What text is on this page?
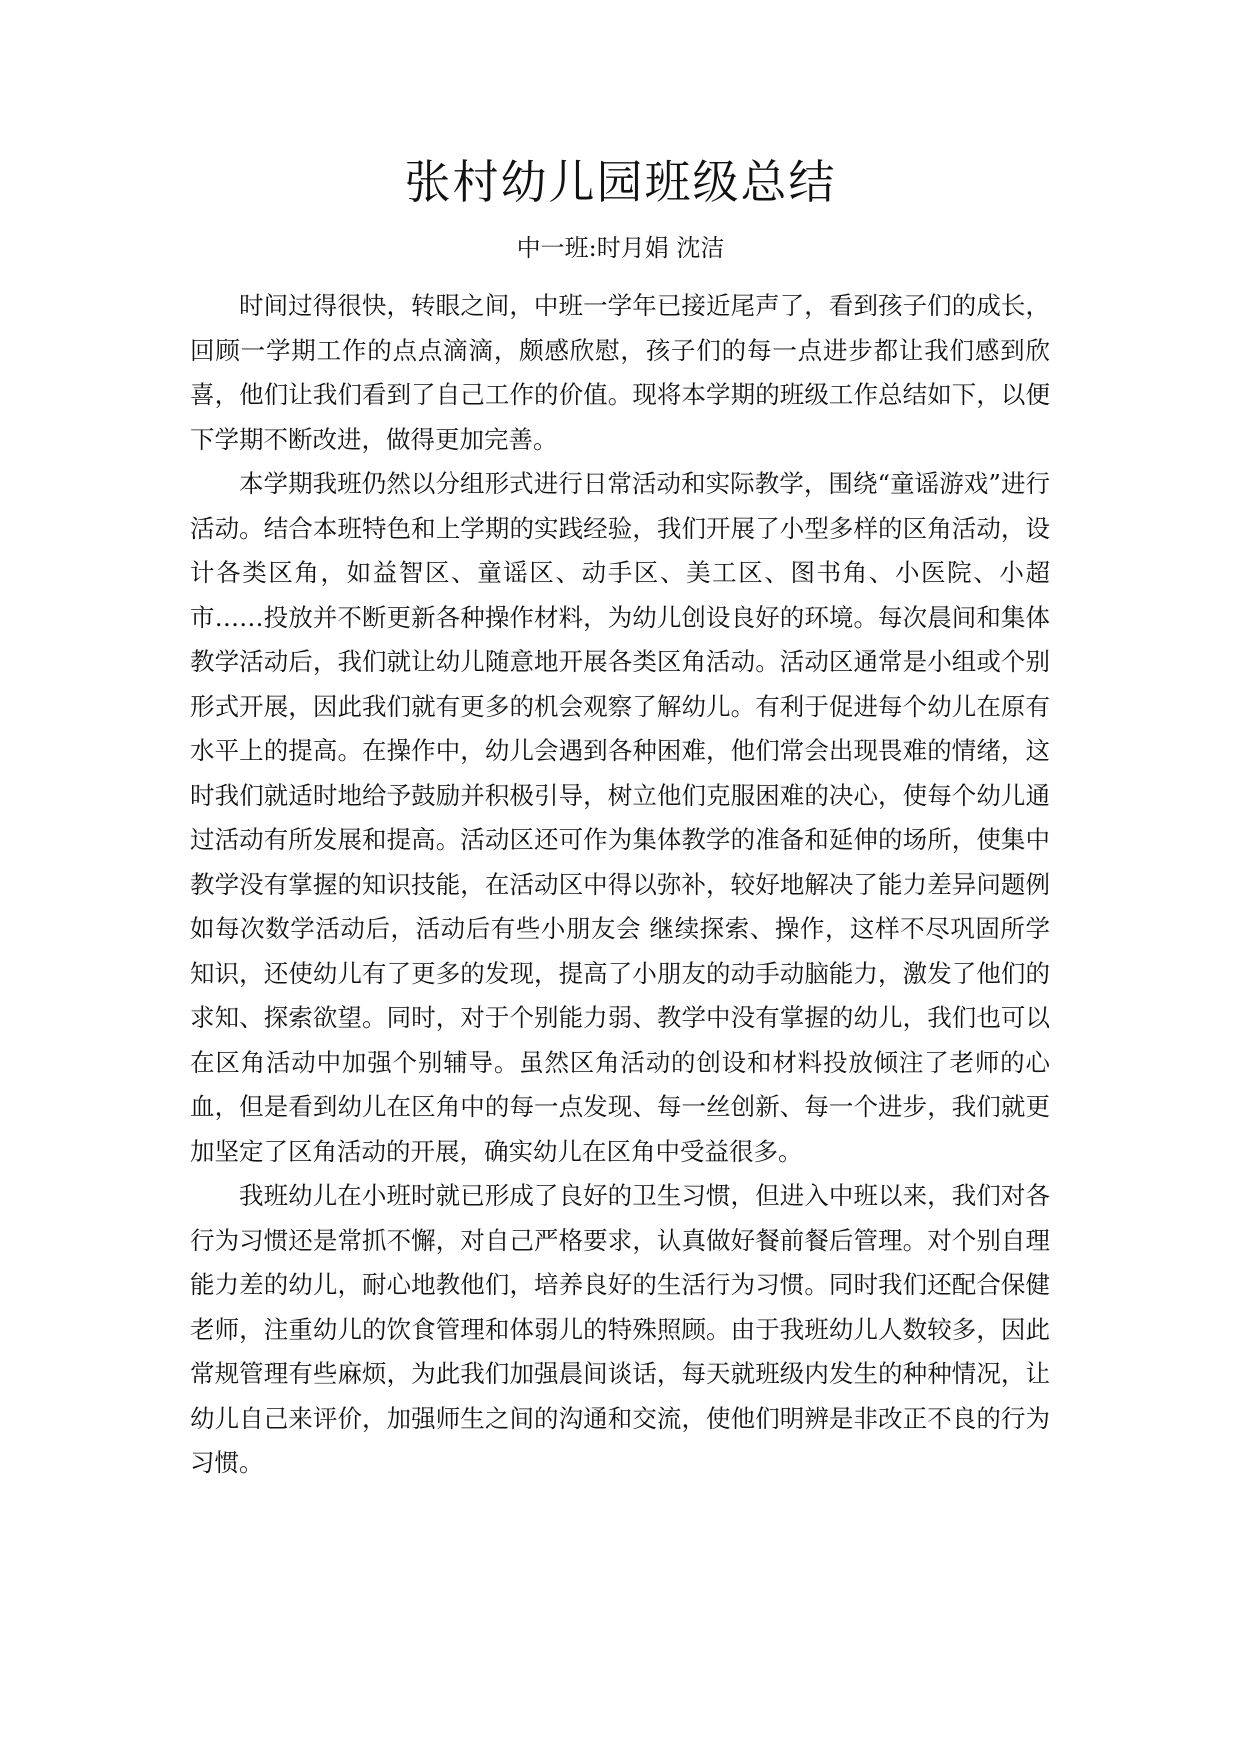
张村幼儿园班级总结
中一班:时月娟 沈洁

时间过得很快，转眼之间，中班一学年已接近尾声了，看到孩子们的成长，回顾一学期工作的点点滴滴，颇感欣慰，孩子们的每一点进步都让我们感到欣喜，他们让我们看到了自己工作的价值。现将本学期的班级工作总结如下，以便下学期不断改进，做得更加完善。

本学期我班仍然以分组形式进行日常活动和实际教学，围绕“童谣游戏”进行活动。结合本班特色和上学期的实践经验，我们开展了小型多样的区角活动，设计各类区角，如益智区、童谣区、动手区、美工区、图书角、小医院、小超市……投放并不断更新各种操作材料，为幼儿创设良好的环境。每次晨间和集体教学活动后，我们就让幼儿随意地开展各类区角活动。活动区通常是小组或个别形式开展，因此我们就有更多的机会观察了解幼儿。有利于促进每个幼儿在原有水平上的提高。在操作中，幼儿会遇到各种困难，他们常会出现畏难的情绪，这时我们就适时地给予鼓励并积极引导，树立他们克服困难的决心，使每个幼儿通过活动有所发展和提高。活动区还可作为集体教学的准备和延伸的场所，使集中教学没有掌握的知识技能，在活动区中得以弥补，较好地解决了能力差异问题例如每次数学活动后，活动后有些小朋友会 继续探索、操作，这样不尽巩固所学知识，还使幼儿有了更多的发现，提高了小朋友的动手动脑能力，激发了他们的求知、探索欲望。同时，对于个别能力弱、教学中没有掌握的幼儿，我们也可以在区角活动中加强个别辅导。虽然区角活动的创设和材料投放倾注了老师的心血，但是看到幼儿在区角中的每一点发现、每一丝创新、每一个进步，我们就更加坚定了区角活动的开展，确实幼儿在区角中受益很多。

我班幼儿在小班时就已形成了良好的卫生习惯，但进入中班以来，我们对各行为习惯还是常抓不懈，对自己严格要求，认真做好餐前餐后管理。对个别自理能力差的幼儿，耐心地教他们，培养良好的生活行为习惯。同时我们还配合保健老师，注重幼儿的饮食管理和体弱儿的特殊照顾。由于我班幼儿人数较多，因此常规管理有些麻烦，为此我们加强晨间谈话，每天就班级内发生的种种情况，让幼儿自己来评价，加强师生之间的沟通和交流，使他们明辨是非改正不良的行为习惯。
